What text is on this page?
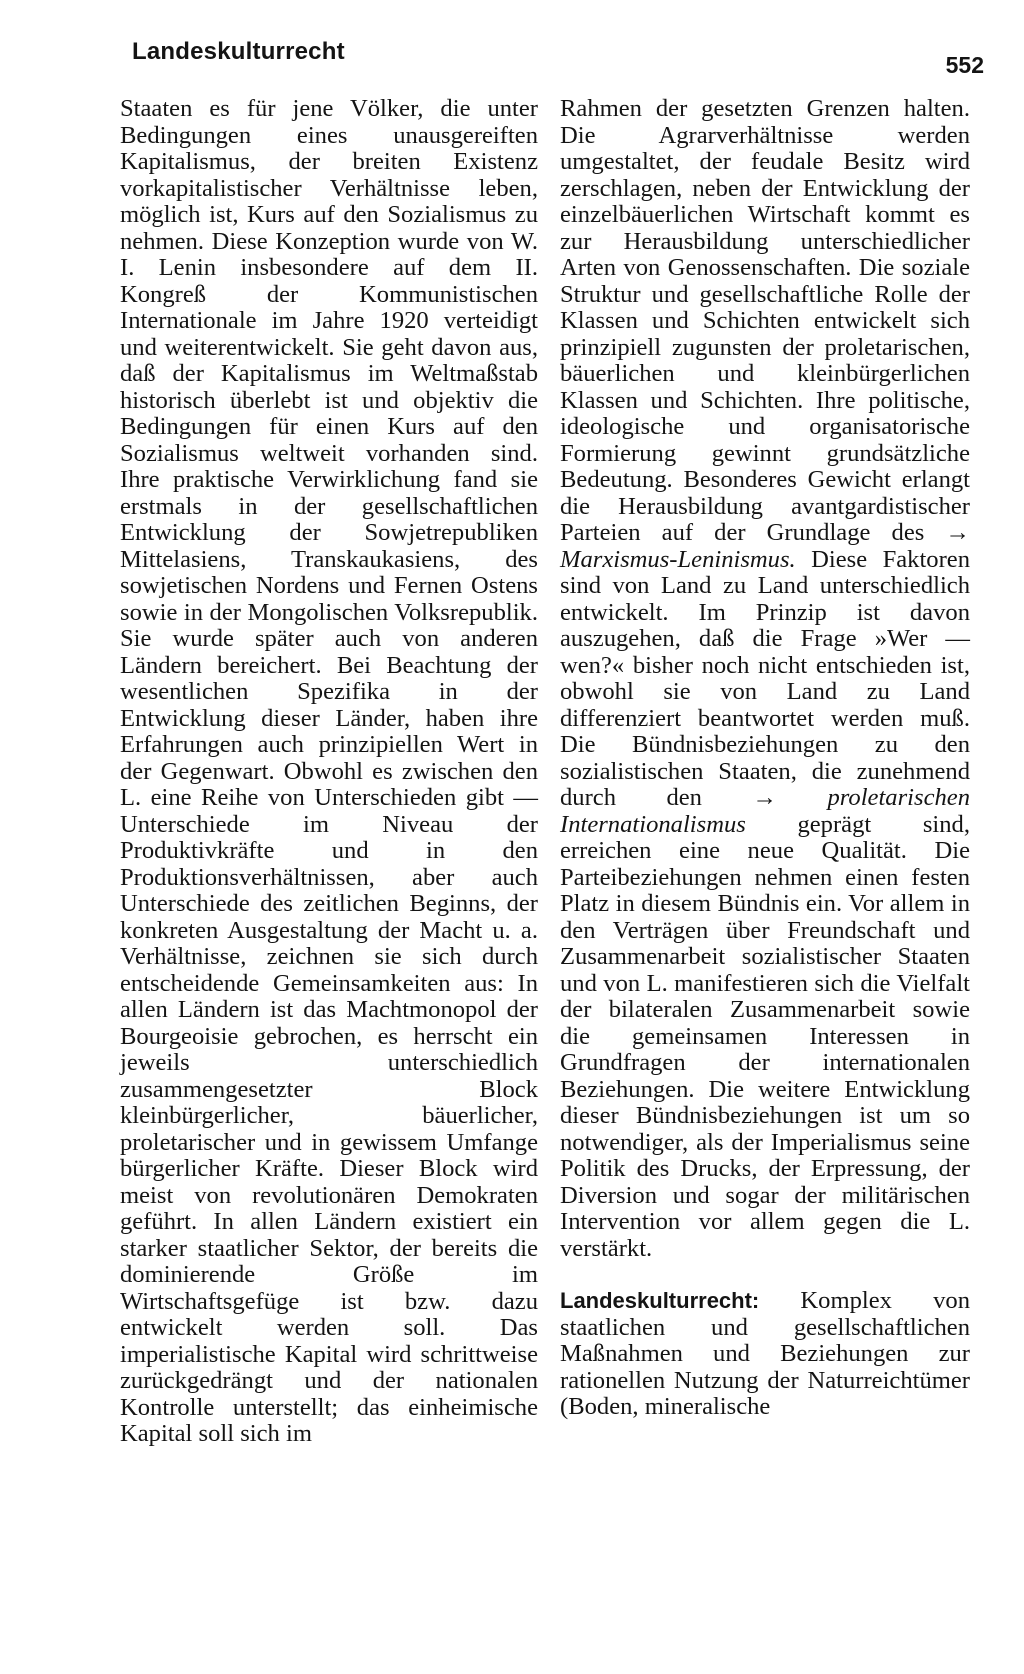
Landeskulturrecht	552

Staaten es für jene Völker, die unter Bedingungen eines unausgereiften Kapitalismus, der breiten Existenz vorkapitalistischer Verhältnisse leben, möglich ist, Kurs auf den Sozialismus zu nehmen. Diese Konzeption wurde von W. I. Lenin insbesondere auf dem II. Kongreß der Kommunistischen Internationale im Jahre 1920 verteidigt und weiterentwickelt. Sie geht davon aus, daß der Kapitalismus im Weltmaßstab historisch überlebt ist und objektiv die Bedingungen für einen Kurs auf den Sozialismus weltweit vorhanden sind. Ihre praktische Verwirklichung fand sie erstmals in der gesellschaftlichen Entwicklung der Sowjetrepubliken Mittelasiens, Transkaukasiens, des sowjetischen Nordens und Fernen Ostens sowie in der Mongolischen Volksrepublik. Sie wurde später auch von anderen Ländern bereichert. Bei Beachtung der wesentlichen Spezifika in der Entwicklung dieser Länder, haben ihre Erfahrungen auch prinzipiellen Wert in der Gegenwart. Obwohl es zwischen den L. eine Reihe von Unterschieden gibt — Unterschiede im Niveau der Produktivkräfte und in den Produktionsverhältnissen, aber auch Unterschiede des zeitlichen Beginns, der konkreten Ausgestaltung der Macht u. a. Verhältnisse, zeichnen sie sich durch entscheidende Gemeinsamkeiten aus: In allen Ländern ist das Machtmonopol der Bourgeoisie gebrochen, es herrscht ein jeweils unterschiedlich zusammengesetzter Block kleinbürgerlicher, bäuerlicher, proletarischer und in gewissem Umfange bürgerlicher Kräfte. Dieser Block wird meist von revolutionären Demokraten geführt. In allen Ländern existiert ein starker staatlicher Sektor, der bereits die dominierende Größe im Wirtschaftsgefüge ist bzw. dazu entwickelt werden soll. Das imperialistische Kapital wird schrittweise zurückgedrängt und der nationalen Kontrolle unterstellt; das einheimische Kapital soll sich im

Rahmen der gesetzten Grenzen halten. Die Agrarverhältnisse werden umgestaltet, der feudale Besitz wird zerschlagen, neben der Entwicklung der einzelbäuerlichen Wirtschaft kommt es zur Herausbildung unterschiedlicher Arten von Genossenschaften. Die soziale Struktur und gesellschaftliche Rolle der Klassen und Schichten entwickelt sich prinzipiell zugunsten der proletarischen, bäuerlichen und kleinbürgerlichen Klassen und Schichten. Ihre politische, ideologische und organisatorische Formierung gewinnt grundsätzliche Bedeutung. Besonderes Gewicht erlangt die Herausbildung avantgardistischer Parteien auf der Grundlage des → Marxismus-Leninismus. Diese Faktoren sind von Land zu Land unterschiedlich entwickelt. Im Prinzip ist davon auszugehen, daß die Frage »Wer — wen?« bisher noch nicht entschieden ist, obwohl sie von Land zu Land differenziert beantwortet werden muß. Die Bündnisbeziehungen zu den sozialistischen Staaten, die zunehmend durch den → proletarischen Internationalismus geprägt sind, erreichen eine neue Qualität. Die Parteibeziehungen nehmen einen festen Platz in diesem Bündnis ein. Vor allem in den Verträgen über Freundschaft und Zusammenarbeit sozialistischer Staaten und von L. manifestieren sich die Vielfalt der bilateralen Zusammenarbeit sowie die gemeinsamen Interessen in Grundfragen der internationalen Beziehungen. Die weitere Entwicklung dieser Bündnisbeziehungen ist um so notwendiger, als der Imperialismus seine Politik des Drucks, der Erpressung, der Diversion und sogar der militärischen Intervention vor allem gegen die L. verstärkt.

Landeskulturrecht: Komplex von staatlichen und gesellschaftlichen Maßnahmen und Beziehungen zur rationellen Nutzung der Naturreichtümer (Boden, mineralische
